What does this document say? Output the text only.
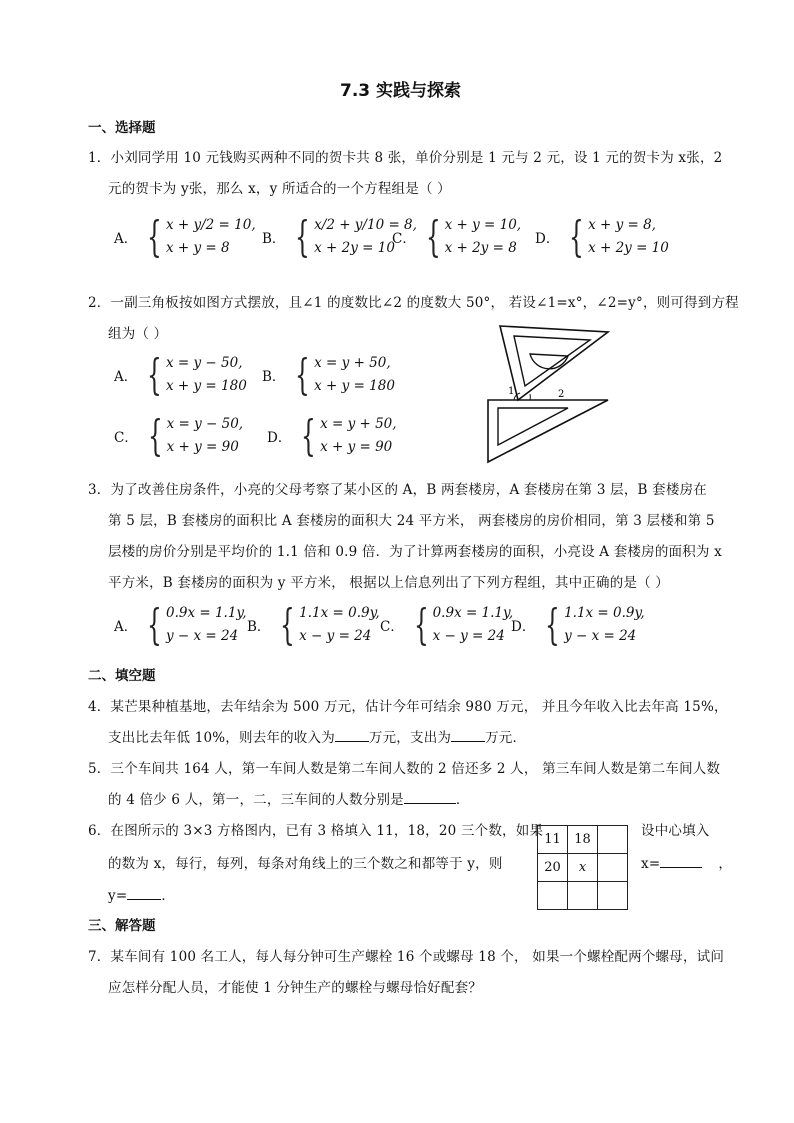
7.3 实践与探索
一、选择题
1．小刘同学用 10 元钱购买两种不同的贺卡共 8 张，单价分别是 1 元与 2 元，设 1 元的贺卡为 x张，2
元的贺卡为 y张，那么 x，y 所适合的一个方程组是（ ）
A． { x + y/2 = 10,
x + y = 8
B． { x/2 + y/10 = 8,
x + 2y = 10
C． { x + y = 10,
x + 2y = 8
D． { x + y = 8,
x + 2y = 10
2．一副三角板按如图方式摆放，且∠1 的度数比∠2 的度数大 50°， 若设∠1=x°，∠2=y°，则可得到方程
组为（ ）
A． { x = y − 50,
x + y = 180
B． { x = y + 50,
x + y = 180
C． { x = y − 50,
x + y = 90
D． { x = y + 50,
x + y = 90
1	2
3．为了改善住房条件，小亮的父母考察了某小区的 A，B 两套楼房，A 套楼房在第 3 层，B 套楼房在
第 5 层，B 套楼房的面积比 A 套楼房的面积大 24 平方米， 两套楼房的房价相同，第 3 层楼和第 5
层楼的房价分别是平均价的 1.1 倍和 0.9 倍．为了计算两套楼房的面积，小亮设 A 套楼房的面积为 x
平方米，B 套楼房的面积为 y 平方米， 根据以上信息列出了下列方程组，其中正确的是（ ）
A． { 0.9x = 1.1y,
y − x = 24
B． { 1.1x = 0.9y,
x − y = 24
C． { 0.9x = 1.1y,
x − y = 24
D． { 1.1x = 0.9y,
y − x = 24
二、填空题
4．某芒果种植基地，去年结余为 500 万元，估计今年可结余 980 万元， 并且今年收入比去年高 15%，
支出比去年低 10%，则去年的收入为	万元，支出为	万元．
5．三个车间共 164 人，第一车间人数是第二车间人数的 2 倍还多 2 人， 第三车间人数是第二车间人数
的 4 倍少 6 人，第一，二，三车间的人数分别是	．
6．在图所示的 3×3 方格图内，已有 3 格填入 11，18，20 三个数，如果	设中心填入
的数为 x，每行，每列，每条对角线上的三个数之和都等于 y，则	x=	，
y=	．
11	18	
20	x	

三、解答题
7．某车间有 100 名工人，每人每分钟可生产螺栓 16 个或螺母 18 个， 如果一个螺栓配两个螺母，试问
应怎样分配人员，才能使 1 分钟生产的螺栓与螺母恰好配套？
